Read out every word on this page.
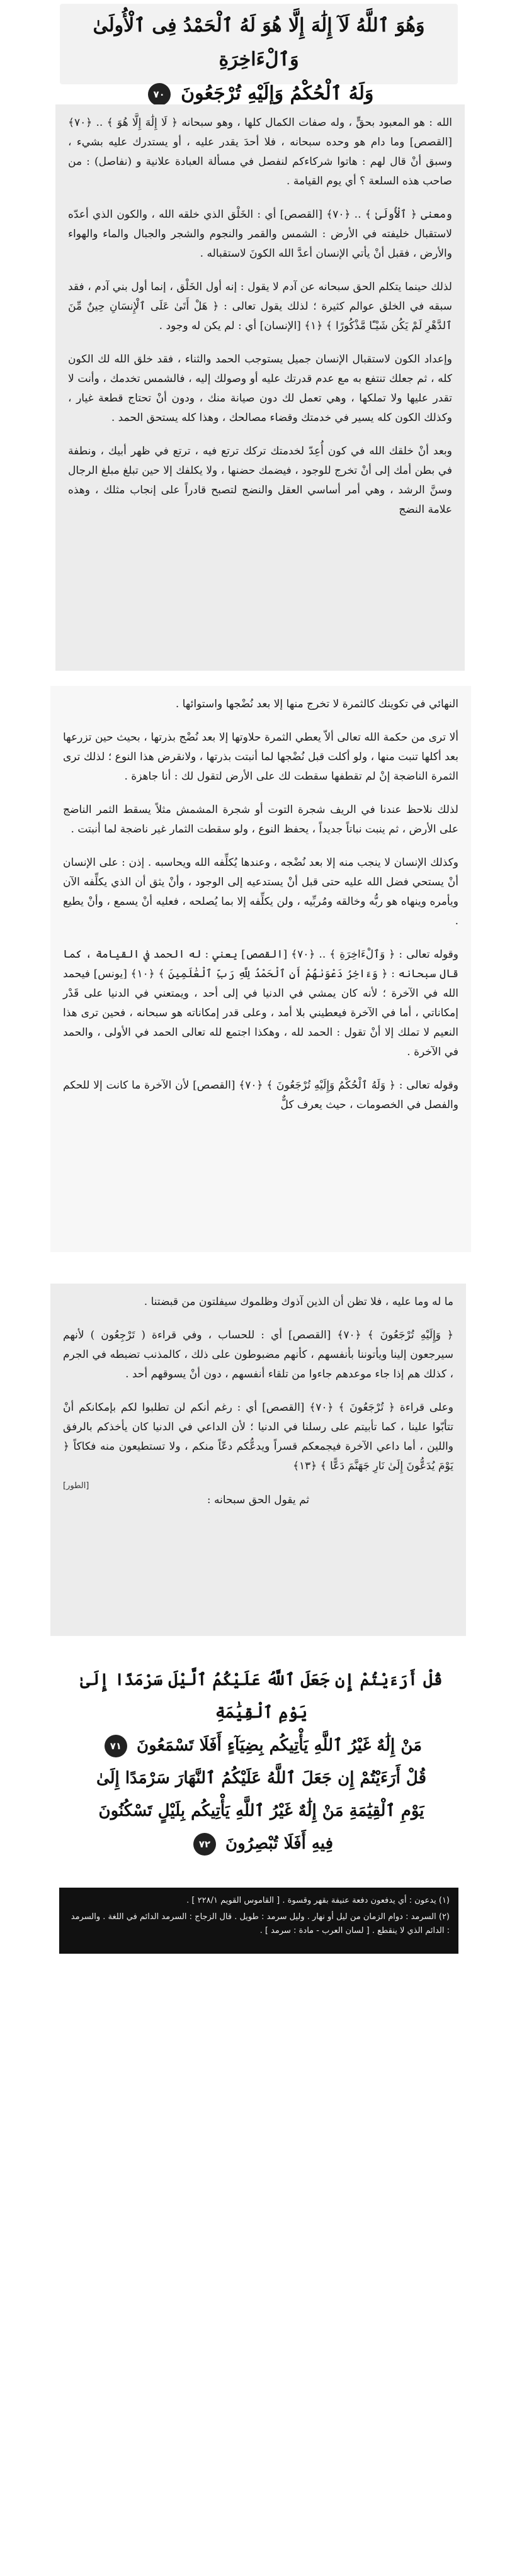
وَهُوَ ٱللَّهُ لَآ إِلَٰهَ إِلَّا هُوَ لَهُ ٱلْحَمْدُ فِى ٱلْأُولَىٰ وَٱلْءَاخِرَةِ
وَلَهُ ٱلْحُكْمُ وَإِلَيْهِ تُرْجَعُونَ ٧٠

الله : هو المعبود بحقٍّ ، وله صفات الكمال كلها ، وهو سبحانه ﴿ لَا إِلَٰهَ إِلَّا هُوَ ﴾ .. ﴿٧٠﴾ [القصص] وما دام هو وحده سبحانه ، فلا أحدَ يقدر عليه ، أو يستدرك عليه بشيء ، وسبق أنْ قال لهم : هاتوا شركاءكم لنفصل في مسألة العبادة علانية و (نفاصل) : من صاحب هذه السلعة ؟ أي يوم القيامة .

ومعنى ﴿ ٱلْأُولَىٰ ﴾ .. ﴿٧٠﴾ [القصص] أي : الخَلْق الذي خلقه الله ، والكون الذي أعدّه لاستقبال خليفته في الأرض : الشمس والقمر والنجوم والشجر والجبال والماء والهواء والأرض ، فقبل أنْ يأتي الإنسان أعدَّ الله الكونَ لاستقباله .

لذلك حينما يتكلم الحق سبحانه عن آدم لا يقول : إنه أول الخَلْق ، إنما أول بني آدم ، فقد سبقه في الخلق عوالم كثيرة ؛ لذلك يقول تعالى : ﴿ هَلْ أَتَىٰ عَلَى ٱلْإِنسَانِ حِينٌ مِّنَ ٱلدَّهْرِ لَمْ يَكُن شَيْـًٔا مَّذْكُورًا ﴾ ﴿١﴾ [الإنسان] أي : لم يكن له وجود .

وإعداد الكون لاستقبال الإنسان جميل يستوجب الحمد والثناء ، فقد خلق الله لك الكون كله ، ثم جعلك تنتفع به مع عدم قدرتك عليه أو وصولك إليه ، فالشمس تخدمك ، وأنت لا تقدر عليها ولا تملكها ، وهي تعمل لك دون صيانة منك ، ودون أنْ تحتاج قطعة غيار ، وكذلك الكون كله يسير في خدمتك وقضاء مصالحك ، وهذا كله يستحق الحمد .

وبعد أنْ خلقك الله في كون أُعِدّ لخدمتك تركك ترتع فيه ، ترتع في ظهر أبيك ، ونطفة في بطن أمك إلى أنْ تخرج للوجود ، فيضمك حضنها ، ولا يكلفك إلا حين تبلغ مبلغ الرجال وسنَّ الرشد ، وهي أمر أساسي العقل والنضج لتصبح قادراً على إنجاب مثلك ، وهذه علامة النضج

النهائي في تكوينك كالثمرة لا تخرج منها إلا بعد نُضْجها واستوائها .

ألا ترى من حكمة الله تعالى ألاّ يعطي الثمرة حلاوتها إلا بعد نُضْج بذرتها ، بحيث حين تزرعها بعد أكلها تنبت منها ، ولو أكلت قبل نُضْجها لما أنبتت بذرتها ، ولانقرض هذا النوع ؛ لذلك ترى الثمرة الناضجة إنْ لم تقطفها سقطت لك على الأرض لتقول لك : أنا جاهزة .

لذلك نلاحظ عندنا في الريف شجرة التوت أو شجرة المشمش مثلاً يسقط الثمر الناضج على الأرض ، ثم ينبت نباتاً جديداً ، يحفظ النوع ، ولو سقطت الثمار غير ناضجة لما أنبتت .

وكذلك الإنسان لا ينجب منه إلا بعد نُضْجه ، وعندها يُكلِّفه الله ويحاسبه . إذن : على الإنسان أنْ يستحي فضل الله عليه حتى قبل أنْ يستدعيه إلى الوجود ، وأنْ يثق أن الذي يكلِّفه الآن ويأمره وينهاه هو ربُّه وخالقه ومُربِّيه ، ولن يكلِّفه إلا بما يُصلحه ، فعليه أنْ يسمع ، وأنْ يطيع .

وقوله تعالى : ﴿ وَٱلْءَاخِرَةِ ﴾ .. ﴿٧٠﴾ [القصص] يعني : له الحمد في القيامة ، كما قال سبحانه : ﴿ وَءَاخِرُ دَعْوَىٰهُمْ أَنِ ٱلْحَمْدُ لِلَّهِ رَبِّ ٱلْعَٰلَمِينَ ﴾ ﴿١٠﴾ [يونس] فيحمد الله في الآخرة ؛ لأنه كان يمشي في الدنيا في إلى أحد ، ويمتعني في الدنيا على قَدْر إمكاناتي ، أما في الآخرة فيعطيني بلا أمد ، وعلى قدر إمكاناته هو سبحانه ، فحين ترى هذا النعيم لا تملك إلا أنْ تقول : الحمد لله ، وهكذا اجتمع لله تعالى الحمد في الأولى ، والحمد في الآخرة .

وقوله تعالى : ﴿ وَلَهُ ٱلْحُكْمُ وَإِلَيْهِ تُرْجَعُونَ ﴾ ﴿٧٠﴾ [القصص] لأن الآخرة ما كانت إلا للحكم والفصل في الخصومات ، حيث يعرف كلٌّ

ما له وما عليه ، فلا تظن أن الذين آذوك وظلموك سيفلتون من قبضتنا .

﴿ وَإِلَيْهِ تُرْجَعُونَ ﴾ ﴿٧٠﴾ [القصص] أي : للحساب ، وفي قراءة ( تَرْجِعُون ) لأنهم سيرجعون إلينا ويأتوننا بأنفسهم ، كأنهم مضبوطون على ذلك ، كالمذنب تضبطه في الجرم ، كذلك هم إذا جاء موعدهم جاءوا من تلقاء أنفسهم ، دون أنْ يسوقهم أحد .

وعلى قراءة ﴿ تُرْجَعُونَ ﴾ ﴿٧٠﴾ [القصص] أي : رغم أنكم لن تطلبوا لكم بإمكانكم أنْ تتأبّوا علينا ، كما تأبيتم على رسلنا في الدنيا ؛ لأن الداعي في الدنيا كان يأخذكم بالرفق واللين ، أما داعي الآخرة فيجمعكم قسراً ويدعُّكم دعّاً منكم ، ولا تستطيعون منه فكاكاً ﴿ يَوْمَ يُدَعُّونَ إِلَىٰ نَارِ جَهَنَّمَ دَعًّا ﴾ ﴿١٣﴾

[الطور]

ثم يقول الحق سبحانه :

قُلْ أَرَءَيْتُمْ إِن جَعَلَ ٱللَّهُ عَلَيْكُمُ ٱلَّيْلَ سَرْمَدًا إِلَىٰ يَوْمِ ٱلْقِيَٰمَةِ
مَنْ إِلَٰهٌ غَيْرُ ٱللَّهِ يَأْتِيكُم بِضِيَآءٍ أَفَلَا تَسْمَعُونَ ٧١
قُلْ أَرَءَيْتُمْ إِن جَعَلَ ٱللَّهُ عَلَيْكُمُ ٱلنَّهَارَ سَرْمَدًا إِلَىٰ
يَوْمِ ٱلْقِيَٰمَةِ مَنْ إِلَٰهٌ غَيْرُ ٱللَّهِ يَأْتِيكُم بِلَيْلٍ تَسْكُنُونَ
فِيهِ أَفَلَا تُبْصِرُونَ ٧٢
(١) يدعون : أي يدفعون دفعة عنيفة بقهر وقسوة . [ القاموس القويم ٢٢٨/١ ] .
(٢) السرمد : دوام الزمان من ليل أو نهار . وليل سرمد : طويل . قال الزجاج : السرمد الدائم في اللغة . والسرمد : الدائم الذي لا ينقطع . [ لسان العرب - مادة : سرمد ] .
